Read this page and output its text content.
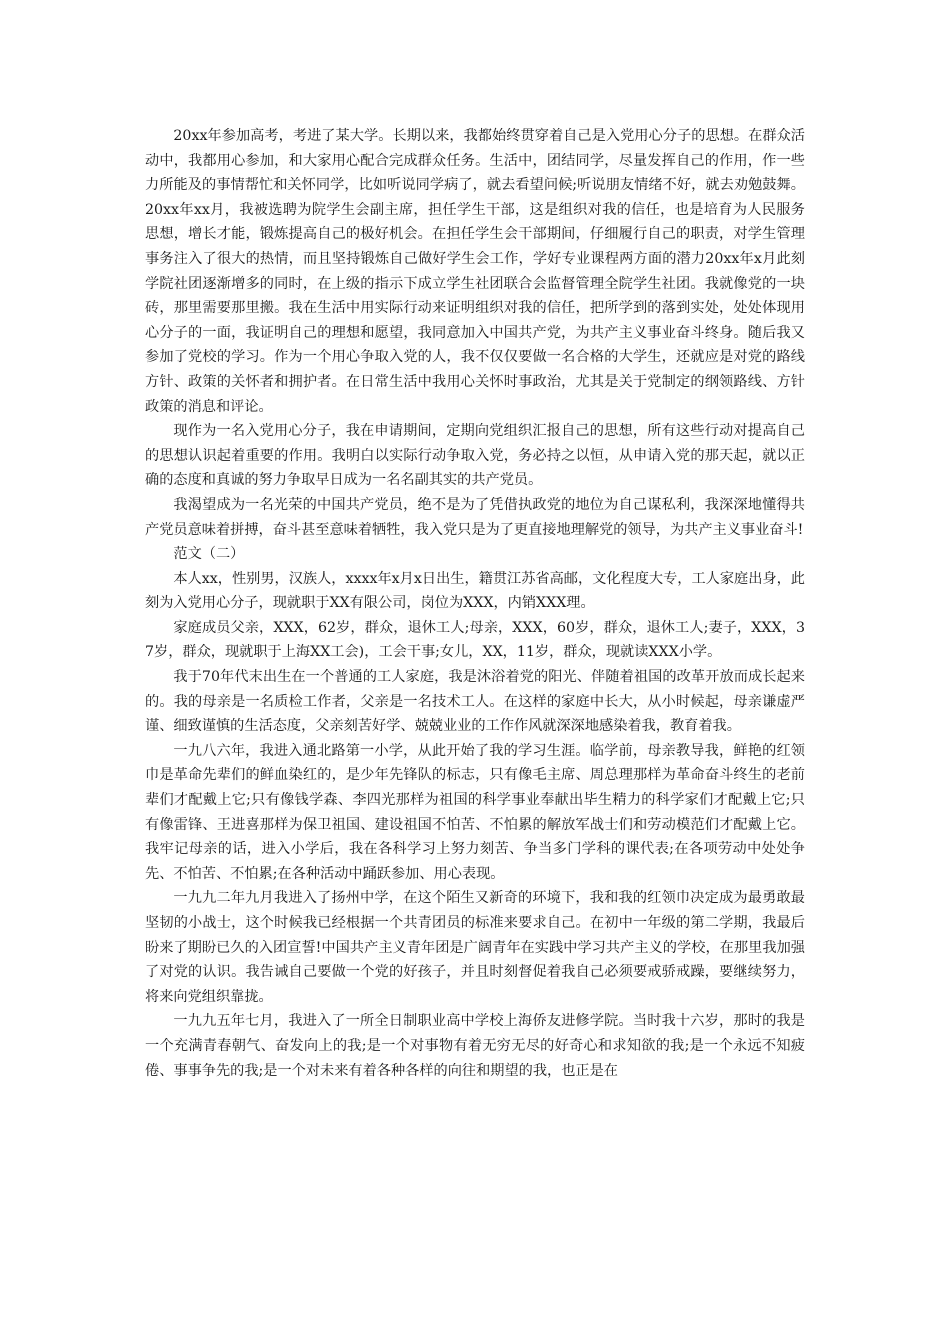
20xx年参加高考，考进了某大学。长期以来，我都始终贯穿着自己是入党用心分子的思想。在群众活动中，我都用心参加，和大家用心配合完成群众任务。生活中，团结同学，尽量发挥自己的作用，作一些力所能及的事情帮忙和关怀同学，比如听说同学病了，就去看望问候;听说朋友情绪不好，就去劝勉鼓舞。20xx年xx月，我被选聘为院学生会副主席，担任学生干部，这是组织对我的信任，也是培育为人民服务思想，增长才能，锻炼提高自己的极好机会。在担任学生会干部期间，仔细履行自己的职责，对学生管理事务注入了很大的热情，而且坚持锻炼自己做好学生会工作，学好专业课程两方面的潜力20xx年x月此刻学院社团逐渐增多的同时，在上级的指示下成立学生社团联合会监督管理全院学生社团。我就像党的一块砖，那里需要那里搬。我在生活中用实际行动来证明组织对我的信任，把所学到的落到实处，处处体现用心分子的一面，我证明自己的理想和愿望，我同意加入中国共产党，为共产主义事业奋斗终身。随后我又参加了党校的学习。作为一个用心争取入党的人，我不仅仅要做一名合格的大学生，还就应是对党的路线方针、政策的关怀者和拥护者。在日常生活中我用心关怀时事政治，尤其是关于党制定的纲领路线、方针政策的消息和评论。

现作为一名入党用心分子，我在申请期间，定期向党组织汇报自己的思想，所有这些行动对提高自己的思想认识起着重要的作用。我明白以实际行动争取入党，务必持之以恒，从申请入党的那天起，就以正确的态度和真诚的努力争取早日成为一名名副其实的共产党员。

我渴望成为一名光荣的中国共产党员，绝不是为了凭借执政党的地位为自己谋私利，我深深地懂得共产党员意味着拼搏，奋斗甚至意味着牺牲，我入党只是为了更直接地理解党的领导，为共产主义事业奋斗!

范文（二）

本人xx，性别男，汉族人，xxxx年x月x日出生，籍贯江苏省高邮，文化程度大专，工人家庭出身，此刻为入党用心分子，现就职于XX有限公司，岗位为XXX，内销XXX理。

家庭成员父亲，XXX，62岁，群众，退休工人;母亲，XXX，60岁，群众，退休工人;妻子，XXX，37岁，群众，现就职于上海XX工会)，工会干事;女儿，XX，11岁，群众，现就读XXX小学。

我于70年代末出生在一个普通的工人家庭，我是沐浴着党的阳光、伴随着祖国的改革开放而成长起来的。我的母亲是一名质检工作者，父亲是一名技术工人。在这样的家庭中长大，从小时候起，母亲谦虚严谨、细致谨慎的生活态度，父亲刻苦好学、兢兢业业的工作作风就深深地感染着我，教育着我。

一九八六年，我进入通北路第一小学，从此开始了我的学习生涯。临学前，母亲教导我，鲜艳的红领巾是革命先辈们的鲜血染红的，是少年先锋队的标志，只有像毛主席、周总理那样为革命奋斗终生的老前辈们才配戴上它;只有像钱学森、李四光那样为祖国的科学事业奉献出毕生精力的科学家们才配戴上它;只有像雷锋、王进喜那样为保卫祖国、建设祖国不怕苦、不怕累的解放军战士们和劳动模范们才配戴上它。我牢记母亲的话，进入小学后，我在各科学习上努力刻苦、争当多门学科的课代表;在各项劳动中处处争先、不怕苦、不怕累;在各种活动中踊跃参加、用心表现。

一九九二年九月我进入了扬州中学，在这个陌生又新奇的环境下，我和我的红领巾决定成为最勇敢最坚韧的小战士，这个时候我已经根据一个共青团员的标准来要求自己。在初中一年级的第二学期，我最后盼来了期盼已久的入团宣誓!中国共产主义青年团是广阔青年在实践中学习共产主义的学校，在那里我加强了对党的认识。我告诫自己要做一个党的好孩子，并且时刻督促着我自己必须要戒骄戒躁，要继续努力，将来向党组织靠拢。

一九九五年七月，我进入了一所全日制职业高中学校上海侨友进修学院。当时我十六岁，那时的我是一个充满青春朝气、奋发向上的我;是一个对事物有着无穷无尽的好奇心和求知欲的我;是一个永远不知疲倦、事事争先的我;是一个对未来有着各种各样的向往和期望的我，也正是在
